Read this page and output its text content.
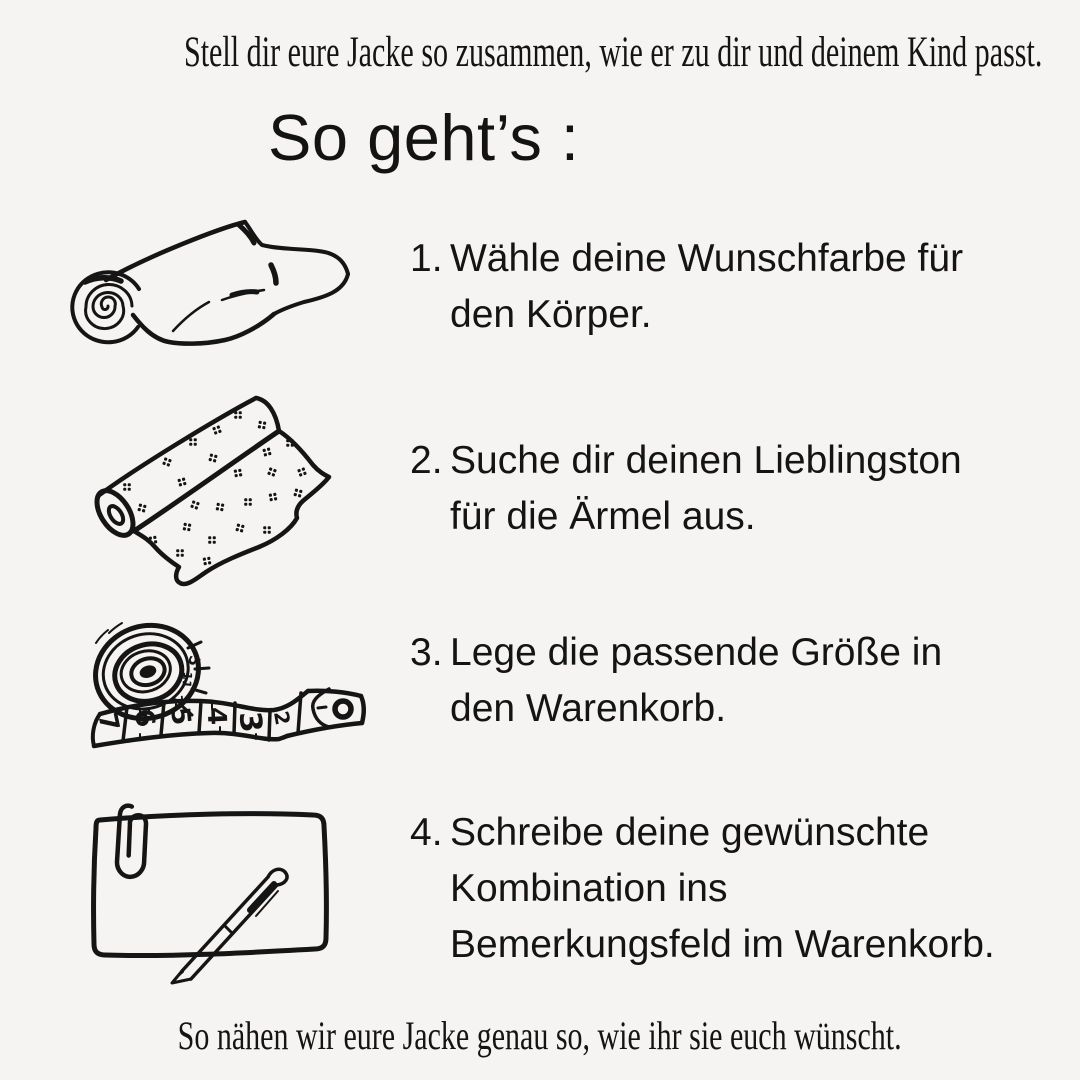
Stell dir eure Jacke so zusammen, wie er zu dir und deinem Kind passt.
So geht’s :
5
11
7
7 6 5 4 3 2
1. Wähle deine Wunschfarbe für
den Körper.
2. Suche dir deinen Lieblingston
für die Ärmel aus.
3. Lege die passende Größe in
den Warenkorb.
4. Schreibe deine gewünschte
Kombination ins
Bemerkungsfeld im Warenkorb.
So nähen wir eure Jacke genau so, wie ihr sie euch wünscht.
